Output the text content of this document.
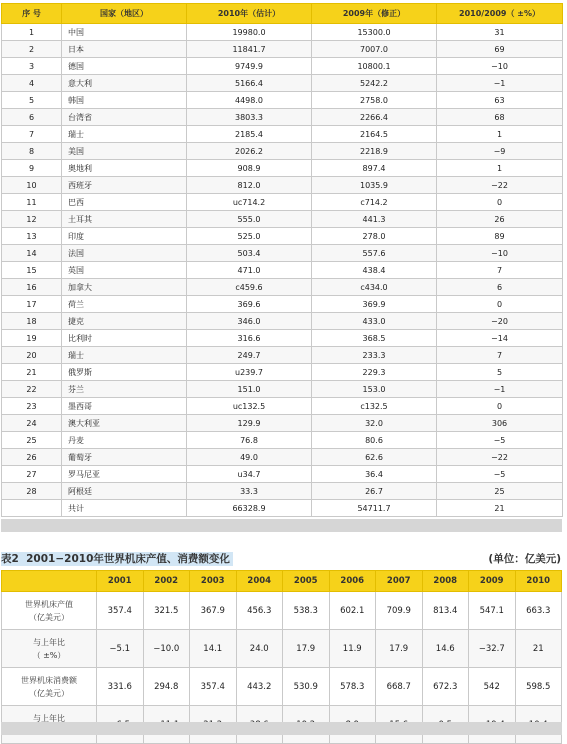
序 号	国家（地区）	2010年（估计）	2009年（修正）	2010/2009（ ±%）
1	中国	19980.0	15300.0	31
2	日本	11841.7	7007.0	69
3	德国	9749.9	10800.1	−10
4	意大利	5166.4	5242.2	−1
5	韩国	4498.0	2758.0	63
6	台湾省	3803.3	2266.4	68
7	瑞士	2185.4	2164.5	1
8	美国	2026.2	2218.9	−9
9	奥地利	908.9	897.4	1
10	西班牙	812.0	1035.9	−22
11	巴西	uc714.2	c714.2	0
12	土耳其	555.0	441.3	26
13	印度	525.0	278.0	89
14	法国	503.4	557.6	−10
15	英国	471.0	438.4	7
16	加拿大	c459.6	c434.0	6
17	荷兰	369.6	369.9	0
18	捷克	346.0	433.0	−20
19	比利时	316.6	368.5	−14
20	瑞士	249.7	233.3	7
21	俄罗斯	u239.7	229.3	5
22	芬兰	151.0	153.0	−1
23	墨西哥	uc132.5	c132.5	0
24	澳大利亚	129.9	32.0	306
25	丹麦	76.8	80.6	−5
26	葡萄牙	49.0	62.6	−22
27	罗马尼亚	u34.7	36.4	−5
28	阿根廷	33.3	26.7	25
	共计	66328.9	54711.7	21
表2 2001−2010年世界机床产值、消费额变化	(单位：亿美元)
	2001	2002	2003	2004	2005	2006	2007	2008	2009	2010

世界机床产值
（亿美元）	357.4	321.5	367.9	456.3	538.3	602.1	709.9	813.4	547.1	663.3

与上年比
（ ±%）	−5.1	−10.0	14.1	24.0	17.9	11.9	17.9	14.6	−32.7	21

世界机床消费额
（亿美元）	331.6	294.8	357.4	443.2	530.9	578.3	668.7	672.3	542	598.5

与上年比
